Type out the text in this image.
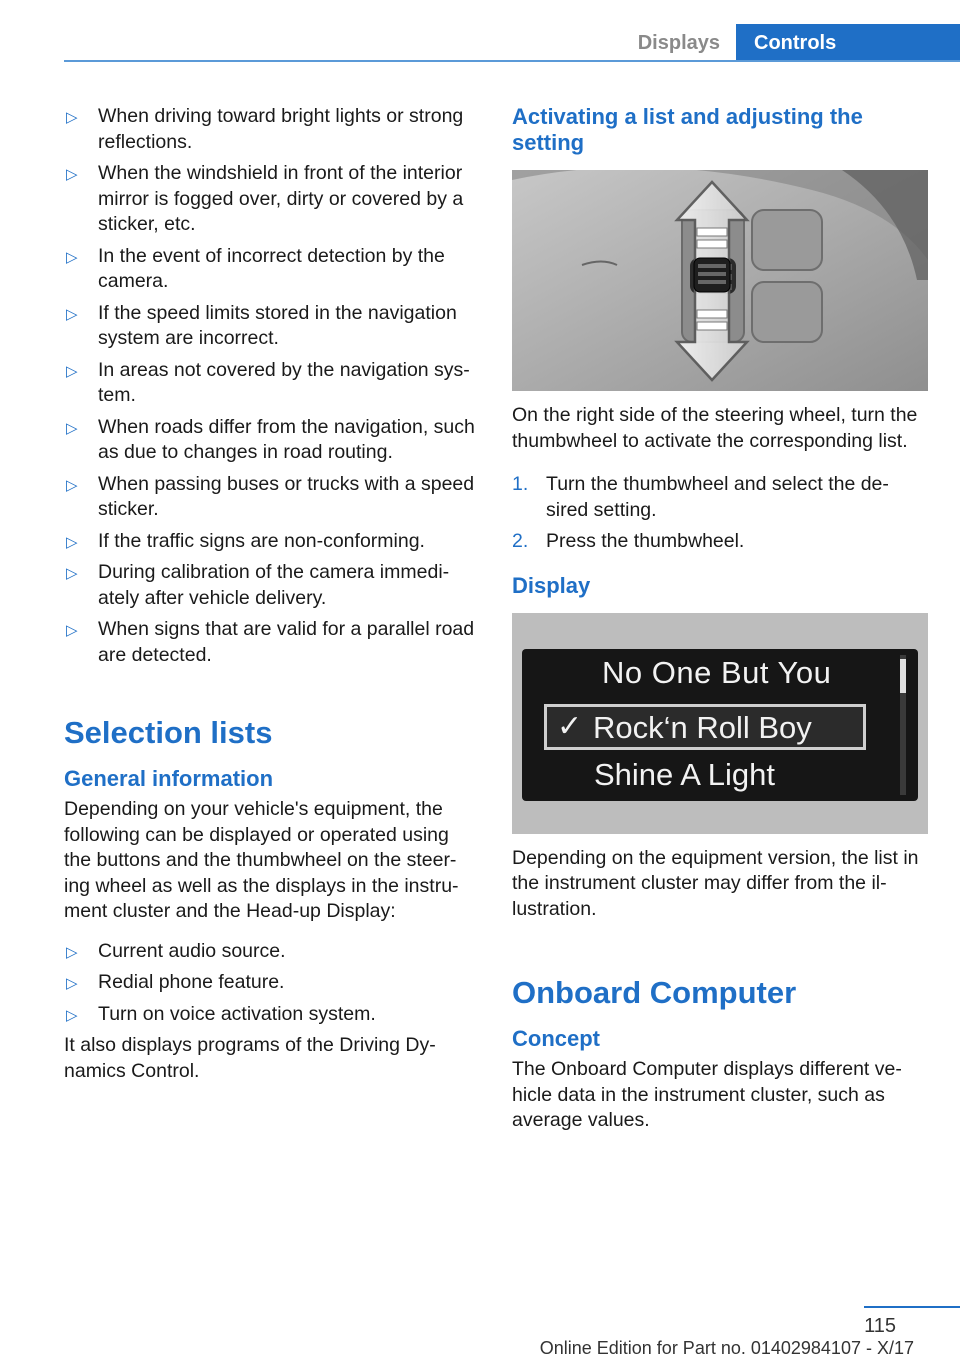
Displays	Controls
▷ When driving toward bright lights or strong reflections.
▷ When the windshield in front of the interior mirror is fogged over, dirty or covered by a sticker, etc.
▷ In the event of incorrect detection by the camera.
▷ If the speed limits stored in the navigation system are incorrect.
▷ In areas not covered by the navigation sys-tem.
▷ When roads differ from the navigation, such as due to changes in road routing.
▷ When passing buses or trucks with a speed sticker.
▷ If the traffic signs are non-conforming.
▷ During calibration of the camera immedi-ately after vehicle delivery.
▷ When signs that are valid for a parallel road are detected.
Selection lists
General information
Depending on your vehicle's equipment, the following can be displayed or operated using the buttons and the thumbwheel on the steer-ing wheel as well as the displays in the instru-ment cluster and the Head-up Display:
▷ Current audio source.
▷ Redial phone feature.
▷ Turn on voice activation system.
It also displays programs of the Driving Dy-namics Control.
Activating a list and adjusting the setting
On the right side of the steering wheel, turn the thumbwheel to activate the corresponding list.
1. Turn the thumbwheel and select the de-sired setting.
2. Press the thumbwheel.
Display
No One But You
✓ Rock‘n Roll Boy
Shine A Light
Depending on the equipment version, the list in the instrument cluster may differ from the il-lustration.
Onboard Computer
Concept
The Onboard Computer displays different ve-hicle data in the instrument cluster, such as average values.
115
Online Edition for Part no. 01402984107 - X/17
